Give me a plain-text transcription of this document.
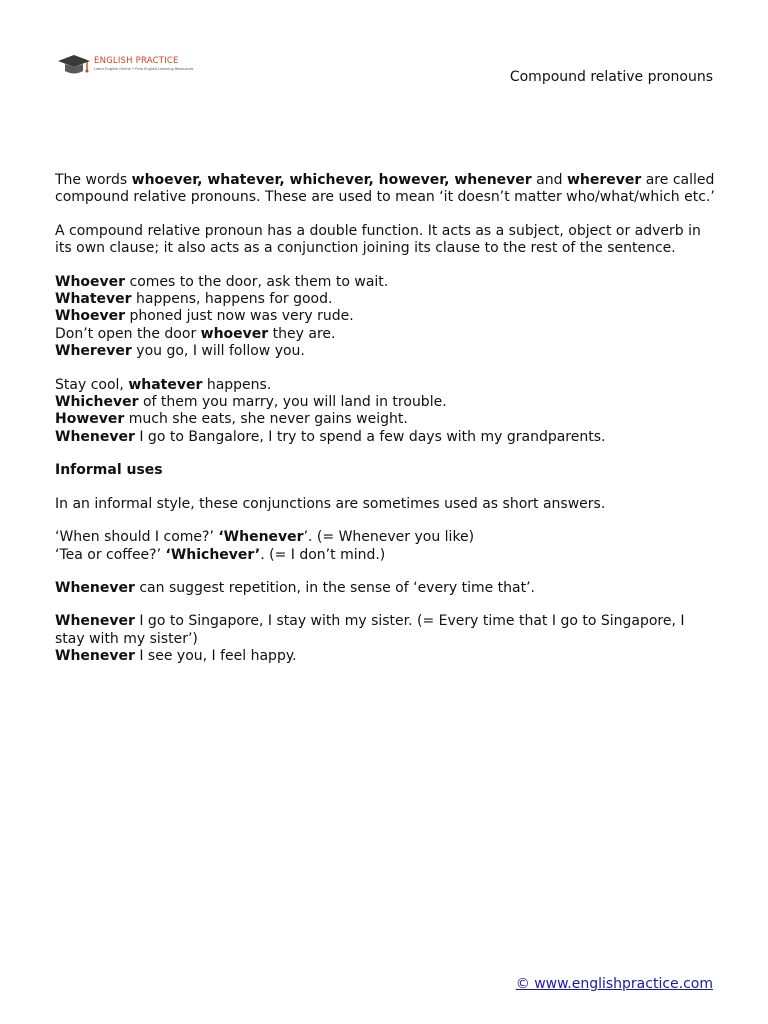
ENGLISH PRACTICE
Learn English Online • Free English Learning Resources	Compound relative pronouns

The words whoever, whatever, whichever, however, whenever and wherever are called compound relative pronouns. These are used to mean ‘it doesn’t matter who/what/which etc.’

A compound relative pronoun has a double function. It acts as a subject, object or adverb in its own clause; it also acts as a conjunction joining its clause to the rest of the sentence.

Whoever comes to the door, ask them to wait.
Whatever happens, happens for good.
Whoever phoned just now was very rude.
Don’t open the door whoever they are.
Wherever you go, I will follow you.

Stay cool, whatever happens.
Whichever of them you marry, you will land in trouble.
However much she eats, she never gains weight.
Whenever I go to Bangalore, I try to spend a few days with my grandparents.

Informal uses

In an informal style, these conjunctions are sometimes used as short answers.

‘When should I come?’ ‘Whenever’. (= Whenever you like)
‘Tea or coffee?’ ‘Whichever’. (= I don’t mind.)

Whenever can suggest repetition, in the sense of ‘every time that’.

Whenever I go to Singapore, I stay with my sister. (= Every time that I go to Singapore, I stay with my sister’)
Whenever I see you, I feel happy.

© www.englishpractice.com
